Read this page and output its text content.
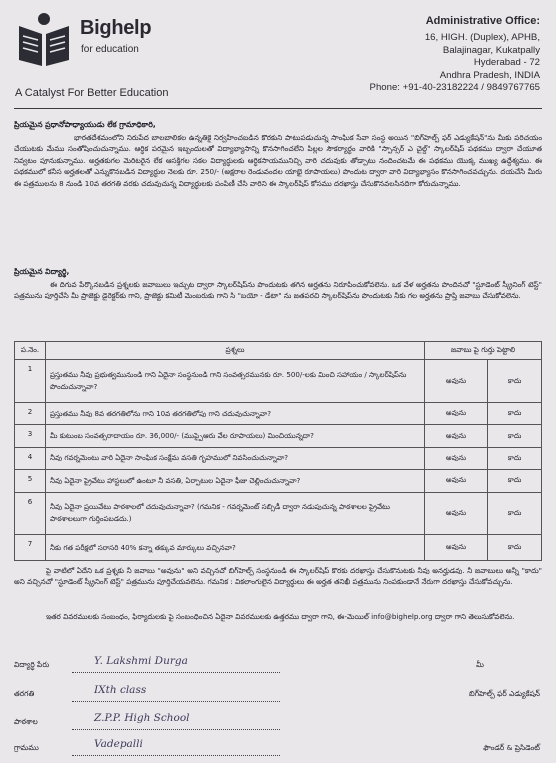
Bighelp
for education
A Catalyst For Better Education
Administrative Office:
16, HIGH. (Duplex), APHB,
Balajinagar, Kukatpally
Hyderabad - 72
Andhra Pradesh, INDIA
Phone: +91-40-23182224 / 9849767765
ప్రియమైన ప్రధానోపాధ్యాయుడు లేక గ్రామాధికారి,
భారతదేశమంలోని నిరుపేద బాలబాలికల ఉన్నతికై నిర్వహించబడిన కొరకుని పాటుపడుచున్న సాంఘిక సేవా సంస్థ అయిన "బిగ్‌హెల్ప్ ఫర్ ఎడ్యుకేషన్"ను మీకు పరిచయం చేయుటకు మేము సంతోషించుచున్నాము. ఆర్థిక పరమైన ఇబ్బందులతో విద్యాభ్యాసాన్ని కొనసాగించలేని పిల్లల సౌకర్యార్థం వారికి "స్పాన్సర్ ఎ చైల్డ్" స్కాలర్‌షిప్ పథకము ద్వారా చేయూత నివ్వటం పూనుకున్నాము. అర్హతకుగల మెరిటరైన లేక ఆసక్తిగల సకల విద్యార్థులకు ఆర్థికసాయమునిచ్చి వారి చదువుకు తోడ్పాటు నందించటమే ఈ పథకము యొక్క ముఖ్య ఉద్దేశ్యము. ఈ పథకములో కనీస అర్హతలతో ఎన్నుకొనబడిన విద్యార్థుల నెలకు రూ. 250/- (అక్షరాల రెండువందల యాభై రూపాయలు) పొందుట ద్వారా వారి విద్యాభ్యాసం కొనసాగించవచ్చును. దయచేసి మీరు ఈ పత్రములను 8 నుండి 10వ తరగతి వరకు చదువుచున్న విద్యార్థులకు పంపిణీ చేసి వారిని ఈ స్కాలర్‌షిప్ కోసము దరఖాస్తు చేసుకొనవలసినదిగా కోరుచున్నాము.
ప్రియమైన విద్యార్థి,
ఈ దిగువ పేర్కొనబడిన ప్రశ్నలకు జవాబులు ఇచ్చుట ద్వారా స్కాలర్‌షిప్‌ను పొందుటకు తగిన అర్హతను నిరూపించుకోవలెను. ఒక వేళ అర్హతను పొందినచో "స్టూడెంట్ స్క్రీనింగ్ టెస్ట్" పత్రమును పూర్తిచేసి మీ ప్రాజెక్టు డైరెక్టర్‌కు గాని, ప్రాజెక్టు కమిటీ మెంబరుకు గాని సి "బయో - డేటా" ను జతపరచి స్కాలర్‌షిప్‌ను పొందుటకు నీకు గల అర్హతను ప్రాప్తి జవాబు చేసుకోవలెను.
ప.నెం.	ప్రశ్నలు	జవాబు పై గుర్తు పెట్టాలి	
1	ప్రస్తుతము నీవు ప్రభుత్వమునుండి గాని ఏదైనా సంస్థనుండి గాని సంవత్సరమునకు రూ. 500/-లకు మించి సహాయం / స్కాలర్‌షిప్‌ను పొందుచున్నావా?	అవును	కాదు
2	ప్రస్తుతము నీవు 8వ తరగతిలోను గాని 10వ తరగతిలోపు గాని చదువుచున్నావా?	అవును	కాదు
3	మీ కుటుంబ సంవత్సరాదాయం రూ. 36,000/- (ముప్పైఆరు వేల రూపాయలు) మించియున్నదా?	అవును	కాదు
4	నీవు గవర్నమెంటు వారి ఏదైనా సాంఘిక సంక్షేమ వసతి గృహములో నివసించుచున్నావా?	అవును	కాదు
5	నీవు ఏదైనా ప్రైవేటు హాస్టలులో ఉంటూ నీ వసతి, ఏర్పాటుల ఏదైనా ఫీజు చెల్లించుచున్నావా?	అవును	కాదు
6	నీవు ఏదైనా ప్రయివేటు పాఠశాలలో చదువుచున్నావా? (గమనిక - గవర్నమెంట్ సబ్సిడీ ద్వారా నడుపుచున్న పాఠశాలల ప్రైవేటు పాఠశాలలుగా గుర్తింపబడదు.)	అవును	కాదు
7	నీకు గత పరీక్షలో సరాసరి 40% కన్నా తక్కువ మార్కులు వచ్చినవా?	అవును	కాదు
పై వాటిలో ఏదేని ఒక ప్రశ్నకు నీ జవాబు "అవును" అని వచ్చినచో బిగ్‌హెల్ప్ సంస్థనుండి ఈ స్కాలర్‌షిప్ కొరకు దరఖాస్తు చేసుకొనుటకు నీవు అనర్హుడవు. నీ జవాబులు అన్నీ "కాదు" అని వచ్చినచో "స్టూడెంట్ స్క్రీనింగ్ టెస్ట్" పత్రమును పూర్తిచేయవలెను. గమనిక : వికలాంగులైన విద్యార్థులు ఈ అర్హత తనిఖీ పత్రమును నింపకుండానే నేరుగా దరఖాస్తు చేసుకోవచ్చును.
ఇతర వివరములకు సంబంధం, ఫిర్యాదులకు పై సంబంధించిన ఏదైనా వివరములకు ఉత్తరము ద్వారా గాని, ఈ-మెయిల్ info@bighelp.org ద్వారా గాని తెలుసుకోవలెను.
విద్యార్థి పేరు	Y. Lakshmi Durga
తరగతి	IXth class
పాఠశాల	Z.P.P. High School
గ్రామము	Vadepalli
మీ
బిగ్‌హెల్ప్ ఫర్ ఎడ్యుకేషన్
ఫౌండర్ & ప్రెసిడెంట్
